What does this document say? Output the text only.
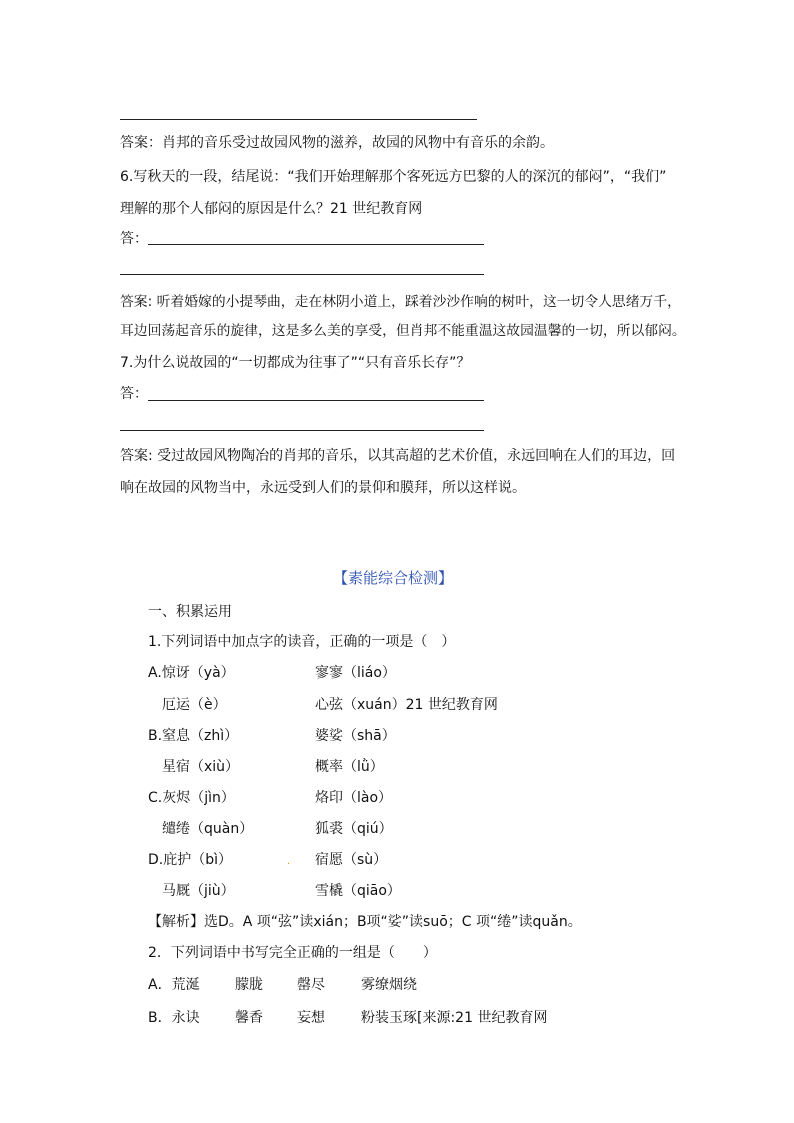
答案：肖邦的音乐受过故园风物的滋养，故园的风物中有音乐的余韵。
6.写秋天的一段，结尾说：“我们开始理解那个客死远方巴黎的人的深沉的郁闷”，“我们”
理解的那个人郁闷的原因是什么？21 世纪教育网
答：
答案: 听着婚嫁的小提琴曲，走在林阴小道上，踩着沙沙作响的树叶，这一切令人思绪万千，
耳边回荡起音乐的旋律，这是多么美的享受，但肖邦不能重温这故园温馨的一切，所以郁闷。
7.为什么说故园的“一切都成为往事了”“只有音乐长存”？
答：
答案: 受过故园风物陶冶的肖邦的音乐，以其高超的艺术价值，永远回响在人们的耳边，回
响在故园的风物当中，永远受到人们的景仰和膜拜，所以这样说。
【素能综合检测】
一、积累运用
1.下列词语中加点字的读音，正确的一项是（　）
A.惊讶（yà）	寥寥（liáo）
厄运（è）	心弦（xuán）21 世纪教育网
B.窒息（zhì）	婆娑（shā）
星宿（xiù）	概率（lǜ）
C.灰烬（jìn）	烙印（lào）
缱绻（quàn）	狐裘（qiú）
D.庇护（bì）	. 宿愿（sù）
马厩（jiù）	雪橇（qiāo）
【解析】选D。A 项“弦”读xián；B项“娑”读suō；C 项“绻”读quǎn。
2．下列词语中书写完全正确的一组是（　　）
A．荒涎	朦胧 罄尽	雾缭烟绕
B．永诀	馨香 妄想	粉装玉琢[来源:21 世纪教育网
